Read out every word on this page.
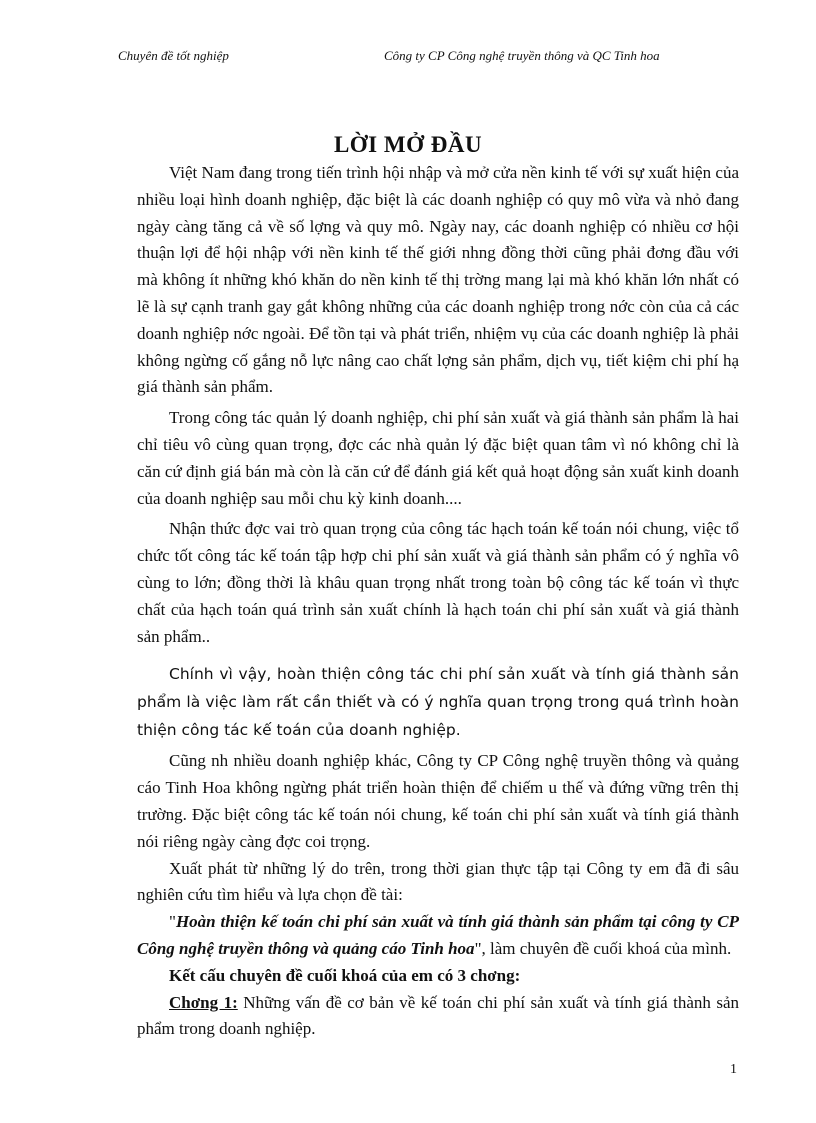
Chuyên đề tốt nghiệp	Công ty CP Công nghệ truyền thông và QC Tinh hoa
LỜI MỞ ĐẦU

Việt Nam đang trong tiến trình hội nhập và mở cửa nền kinh tế với sự xuất hiện của nhiều loại hình doanh nghiệp, đặc biệt là các doanh nghiệp có quy mô vừa và nhỏ đang ngày càng tăng cả về số lợng và quy mô. Ngày nay, các doanh nghiệp có nhiều cơ hội thuận lợi để hội nhập với nền kinh tế thế giới nhng đồng thời cũng phải đơng đầu với mà không ít những khó khăn do nền kinh tế thị trờng mang lại mà khó khăn lớn nhất có lẽ là sự cạnh tranh gay gắt không những của các doanh nghiệp trong nớc còn của cả các doanh nghiệp nớc ngoài. Để tồn tại và phát triển, nhiệm vụ của các doanh nghiệp là phải không ngừng cố gắng nỗ lực nâng cao chất lợng sản phẩm, dịch vụ, tiết kiệm chi phí hạ giá thành sản phẩm.

Trong công tác quản lý doanh nghiệp, chi phí sản xuất và giá thành sản phẩm là hai chỉ tiêu vô cùng quan trọng, đợc các nhà quản lý đặc biệt quan tâm vì nó không chỉ là căn cứ định giá bán mà còn là căn cứ để đánh giá kết quả hoạt động sản xuất kinh doanh của doanh nghiệp sau mỗi chu kỳ kinh doanh....

Nhận thức đợc vai trò quan trọng của công tác hạch toán kế toán nói chung, việc tổ chức tốt công tác kế toán tập hợp chi phí sản xuất và giá thành sản phẩm có ý nghĩa vô cùng to lớn; đồng thời là khâu quan trọng nhất trong toàn bộ công tác kế toán vì thực chất của hạch toán quá trình sản xuất chính là hạch toán chi phí sản xuất và giá thành sản phẩm..

Chính vì vậy, hoàn thiện công tác chi phí sản xuất và tính giá thành sản phẩm là việc làm rất cần thiết và có ý nghĩa quan trọng trong quá trình hoàn thiện công tác kế toán của doanh nghiệp.

Cũng nh nhiều doanh nghiệp khác, Công ty CP Công nghệ truyền thông và quảng cáo Tinh Hoa không ngừng phát triển hoàn thiện để chiếm u thế và đứng vững trên thị trường. Đặc biệt công tác kế toán nói chung, kế toán chi phí sản xuất và tính giá thành nói riêng ngày càng đợc coi trọng.

Xuất phát từ những lý do trên, trong thời gian thực tập tại Công ty em đã đi sâu nghiên cứu tìm hiểu và lựa chọn đề tài:

"Hoàn thiện kế toán chi phí sản xuất và tính giá thành sản phẩm tại công ty CP Công nghệ truyền thông và quảng cáo Tinh hoa", làm chuyên đề cuối khoá của mình.

Kết cấu chuyên đề cuối khoá của em có 3 chơng:

Chơng 1: Những vấn đề cơ bản về kế toán chi phí sản xuất và tính giá thành sản phẩm trong doanh nghiệp.

1
